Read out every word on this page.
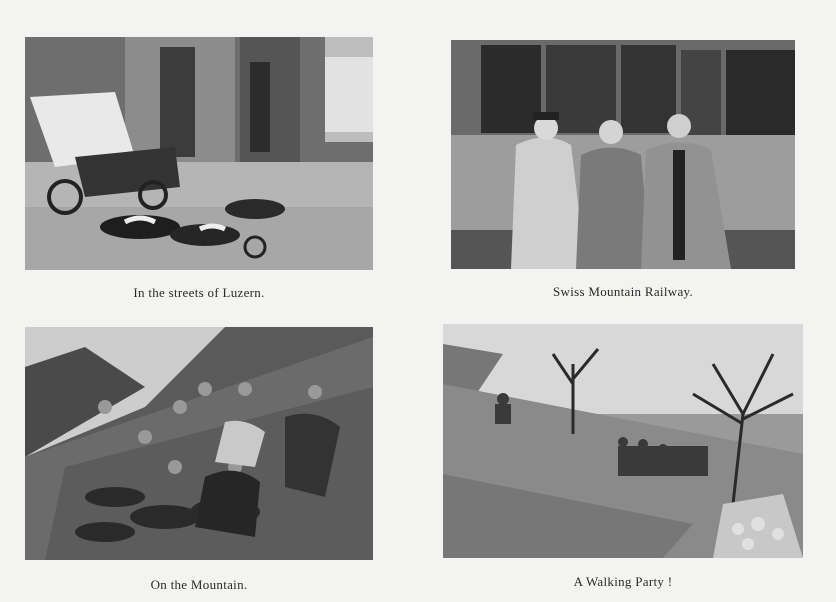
In the streets of Luzern.	Swiss Mountain Railway.
On the Mountain.	A Walking Party !
